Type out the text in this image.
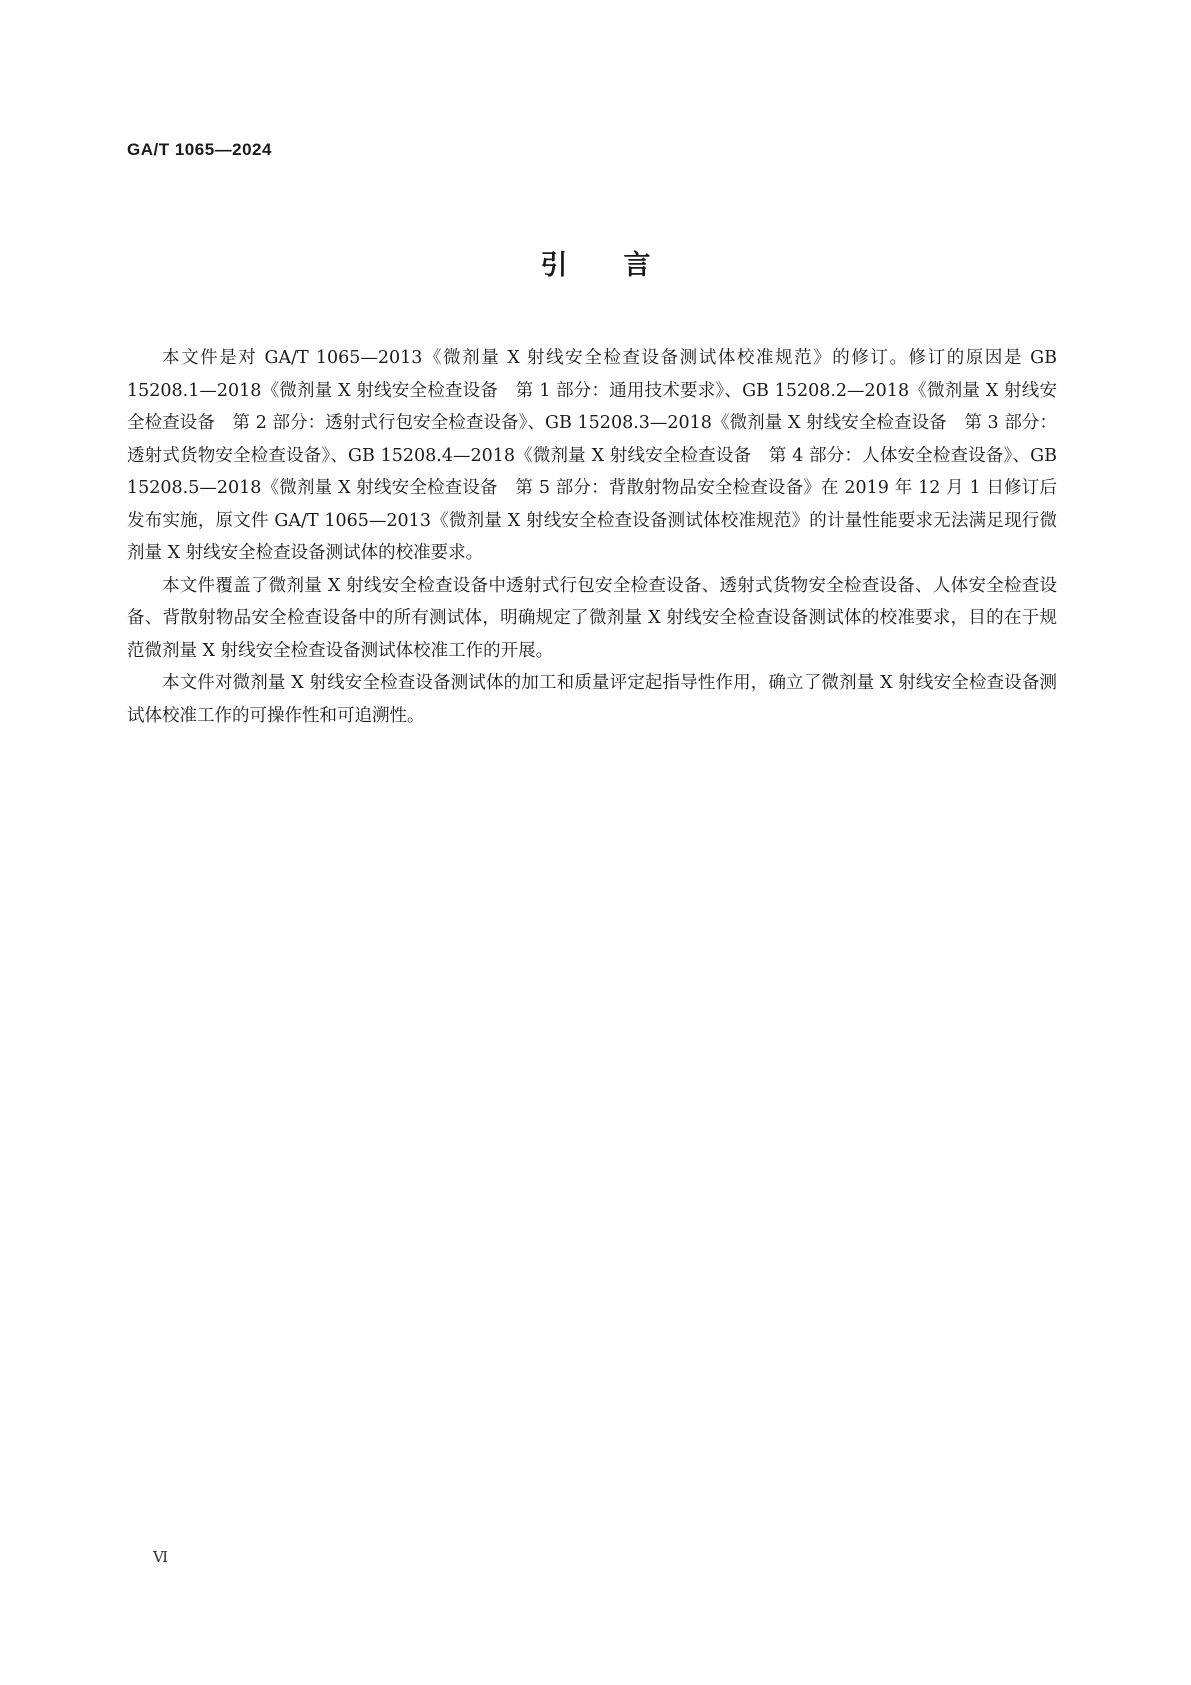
GA/T 1065—2024
引言

本文件是对 GA/T 1065—2013《微剂量 X 射线安全检查设备测试体校准规范》的修订。修订的原因是 GB 15208.1—2018《微剂量 X 射线安全检查设备　第 1 部分：通用技术要求》、GB 15208.2—2018《微剂量 X 射线安全检查设备　第 2 部分：透射式行包安全检查设备》、GB 15208.3—2018《微剂量 X 射线安全检查设备　第 3 部分：透射式货物安全检查设备》、GB 15208.4—2018《微剂量 X 射线安全检查设备　第 4 部分：人体安全检查设备》、GB 15208.5—2018《微剂量 X 射线安全检查设备　第 5 部分：背散射物品安全检查设备》在 2019 年 12 月 1 日修订后发布实施，原文件 GA/T 1065—2013《微剂量 X 射线安全检查设备测试体校准规范》的计量性能要求无法满足现行微剂量 X 射线安全检查设备测试体的校准要求。

本文件覆盖了微剂量 X 射线安全检查设备中透射式行包安全检查设备、透射式货物安全检查设备、人体安全检查设备、背散射物品安全检查设备中的所有测试体，明确规定了微剂量 X 射线安全检查设备测试体的校准要求，目的在于规范微剂量 X 射线安全检查设备测试体校准工作的开展。

本文件对微剂量 X 射线安全检查设备测试体的加工和质量评定起指导性作用，确立了微剂量 X 射线安全检查设备测试体校准工作的可操作性和可追溯性。

Ⅵ
